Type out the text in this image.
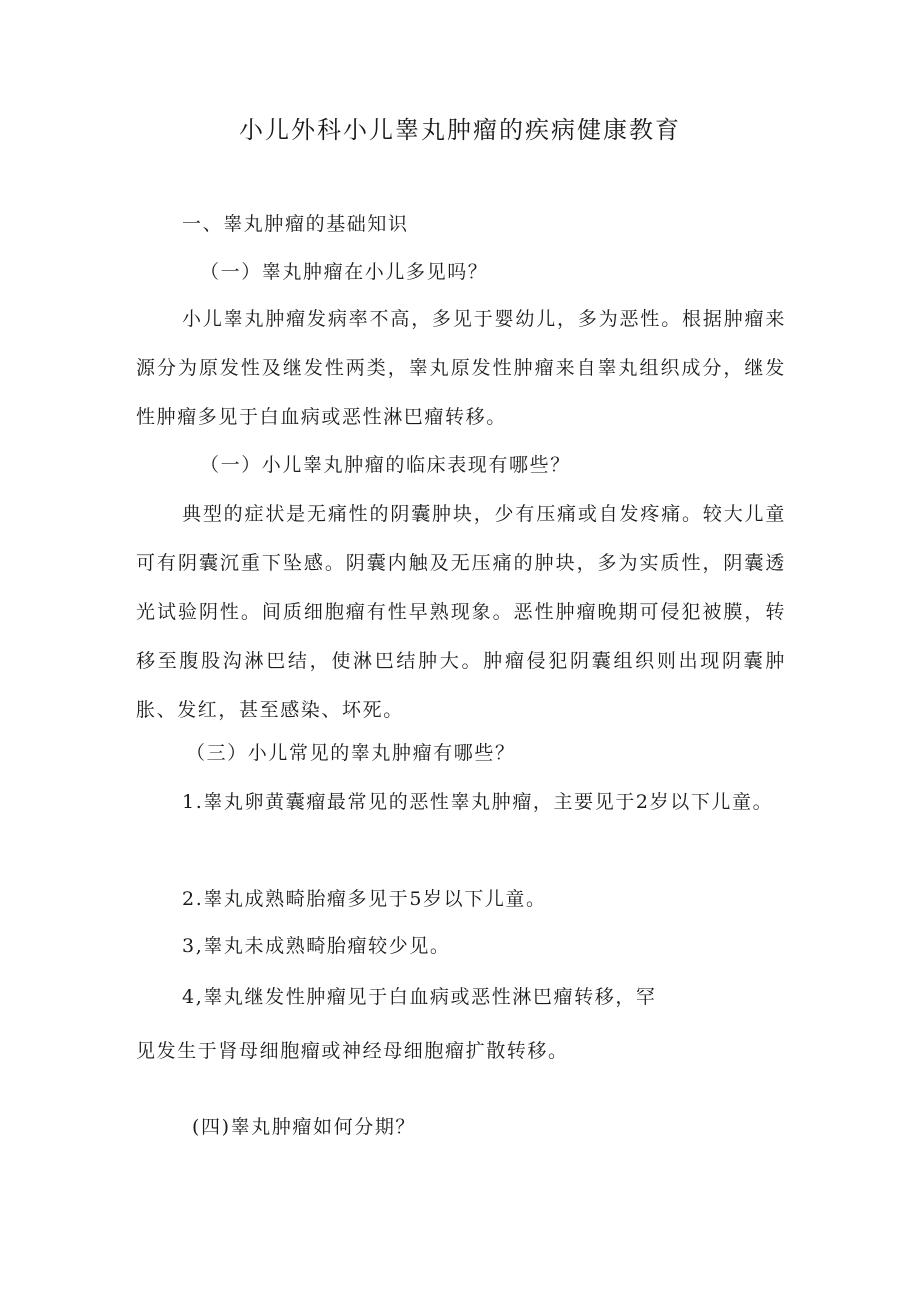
小儿外科小儿睾丸肿瘤的疾病健康教育
一、睾丸肿瘤的基础知识
（一）睾丸肿瘤在小儿多见吗？
小儿睾丸肿瘤发病率不高，多见于婴幼儿，多为恶性。根据肿瘤来源分为原发性及继发性两类，睾丸原发性肿瘤来自睾丸组织成分，继发性肿瘤多见于白血病或恶性淋巴瘤转移。
（一）小儿睾丸肿瘤的临床表现有哪些？
典型的症状是无痛性的阴囊肿块，少有压痛或自发疼痛。较大儿童可有阴囊沉重下坠感。阴囊内触及无压痛的肿块，多为实质性，阴囊透光试验阴性。间质细胞瘤有性早熟现象。恶性肿瘤晚期可侵犯被膜，转移至腹股沟淋巴结，使淋巴结肿大。肿瘤侵犯阴囊组织则出现阴囊肿胀、发红，甚至感染、坏死。
（三）小儿常见的睾丸肿瘤有哪些？
1.睾丸卵黄囊瘤最常见的恶性睾丸肿瘤，主要见于2岁以下儿童。
2.睾丸成熟畸胎瘤多见于5岁以下儿童。
3,睾丸未成熟畸胎瘤较少见。
4,睾丸继发性肿瘤见于白血病或恶性淋巴瘤转移，罕
见发生于肾母细胞瘤或神经母细胞瘤扩散转移。
(四)睾丸肿瘤如何分期？
